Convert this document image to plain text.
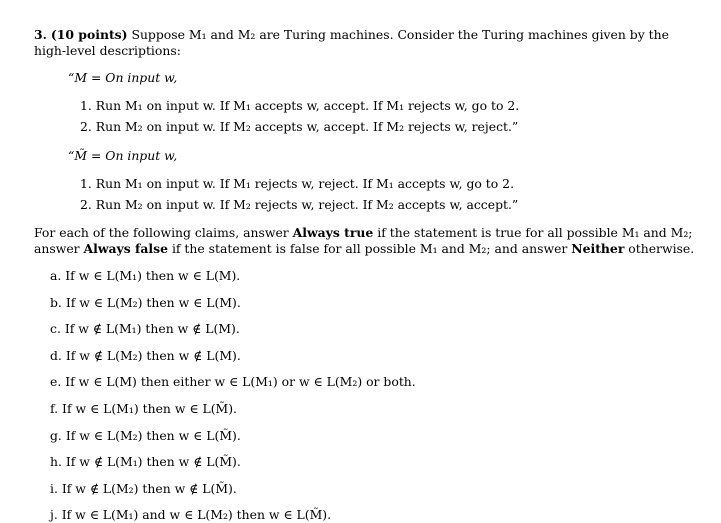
3. (10 points) Suppose M₁ and M₂ are Turing machines. Consider the Turing machines given by the
high-level descriptions:
“M = On input w,
1. Run M₁ on input w. If M₁ accepts w, accept. If M₁ rejects w, go to 2.
2. Run M₂ on input w. If M₂ accepts w, accept. If M₂ rejects w, reject.”
“M̃ = On input w,
1. Run M₁ on input w. If M₁ rejects w, reject. If M₁ accepts w, go to 2.
2. Run M₂ on input w. If M₂ rejects w, reject. If M₂ accepts w, accept.”
For each of the following claims, answer Always true if the statement is true for all possible M₁ and M₂;
answer Always false if the statement is false for all possible M₁ and M₂; and answer Neither otherwise.
a. If w ∈ L(M₁) then w ∈ L(M).
b. If w ∈ L(M₂) then w ∈ L(M).
c. If w ∉ L(M₁) then w ∉ L(M).
d. If w ∉ L(M₂) then w ∉ L(M).
e. If w ∈ L(M) then either w ∈ L(M₁) or w ∈ L(M₂) or both.
f. If w ∈ L(M₁) then w ∈ L(M̃).
g. If w ∈ L(M₂) then w ∈ L(M̃).
h. If w ∉ L(M₁) then w ∉ L(M̃).
i. If w ∉ L(M₂) then w ∉ L(M̃).
j. If w ∈ L(M₁) and w ∈ L(M₂) then w ∈ L(M̃).
